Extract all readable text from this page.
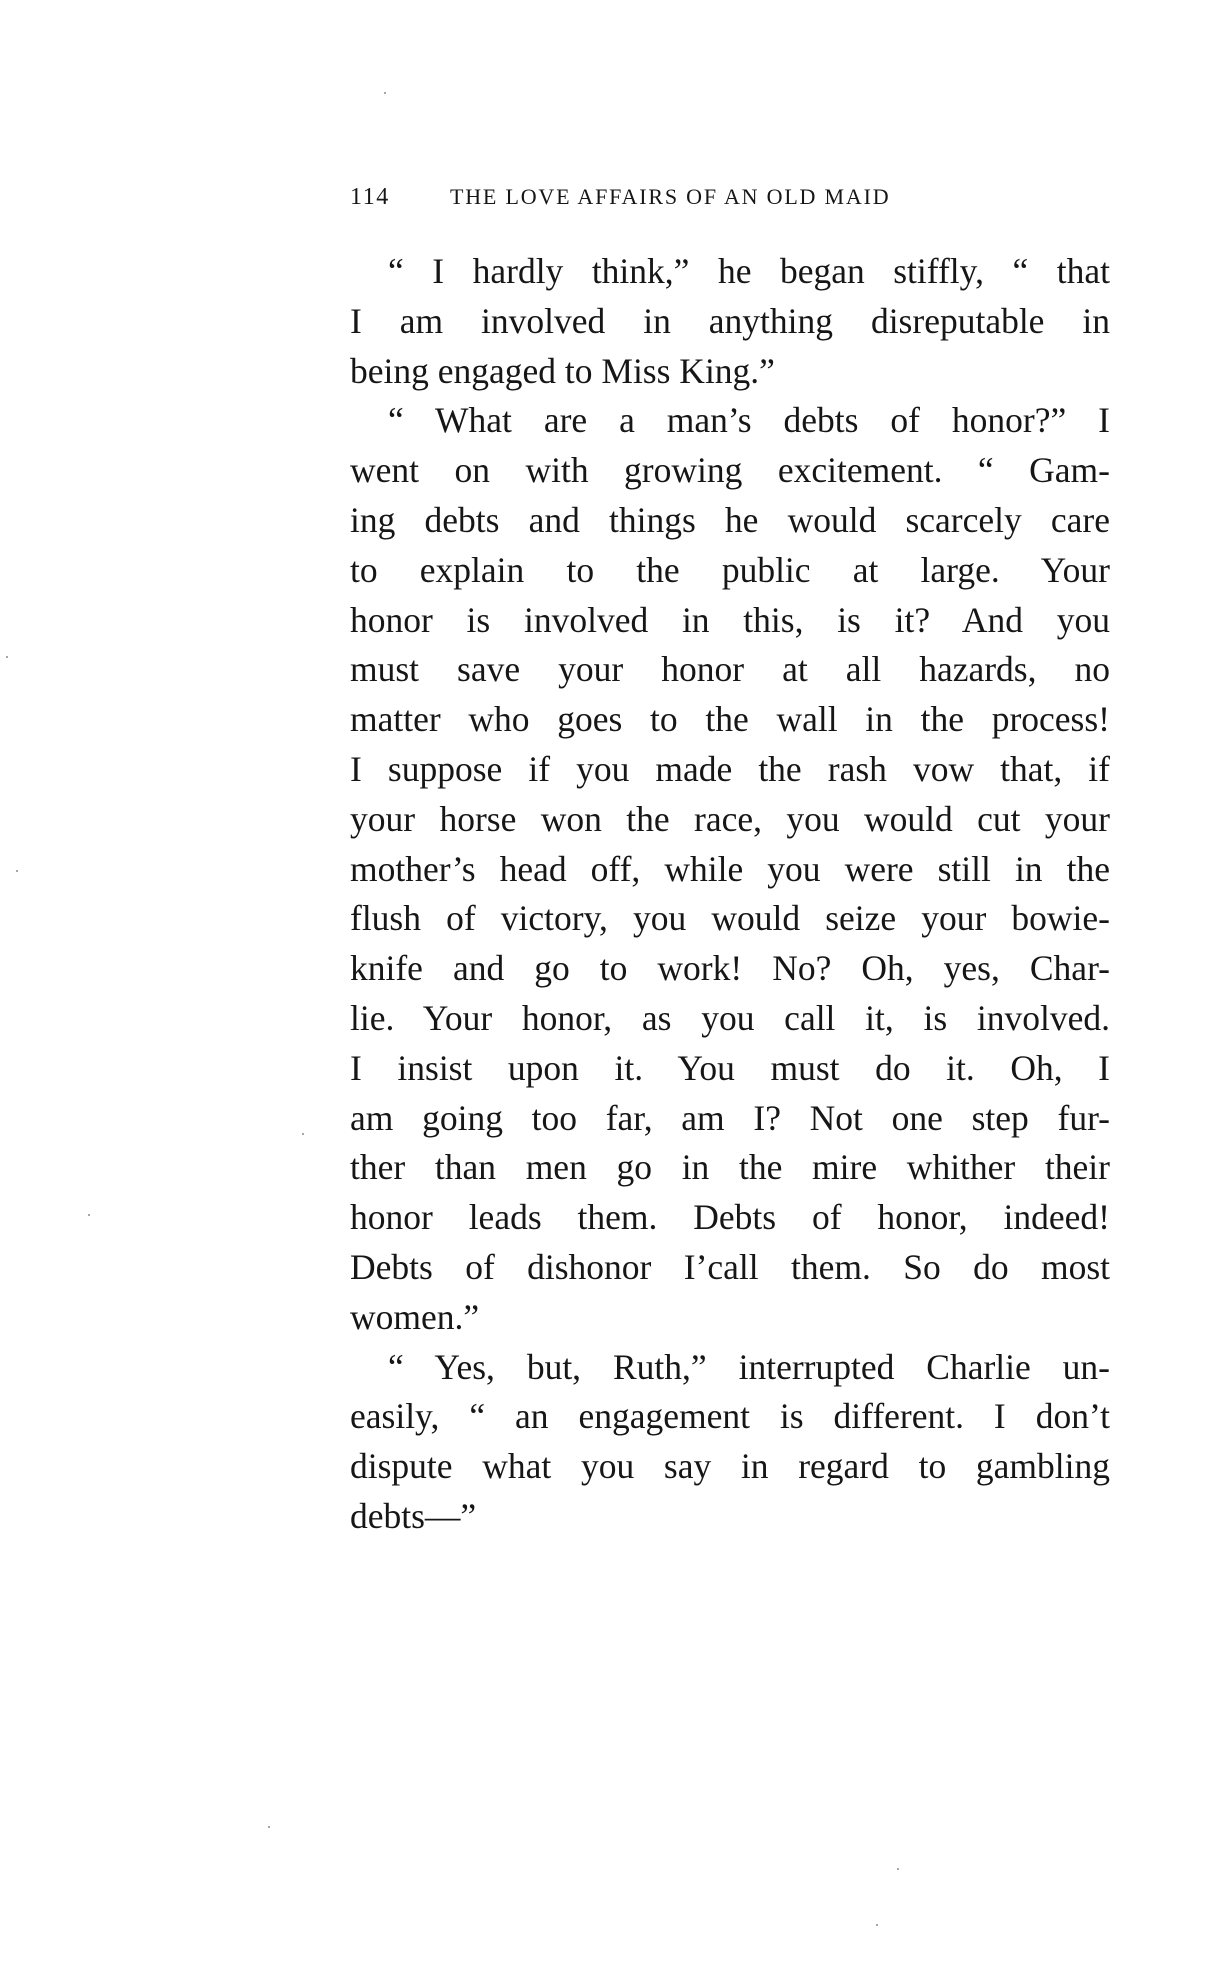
114	THE LOVE AFFAIRS OF AN OLD MAID
“ I hardly think,” he began stiffly, “ that
I am involved in anything disreputable in
being engaged to Miss King.”
“ What are a man’s debts of honor?” I
went on with growing excitement. “ Gam-
ing debts and things he would scarcely care
to explain to the public at large. Your
honor is involved in this, is it? And you
must save your honor at all hazards, no
matter who goes to the wall in the process!
I suppose if you made the rash vow that, if
your horse won the race, you would cut your
mother’s head off, while you were still in the
flush of victory, you would seize your bowie-
knife and go to work! No? Oh, yes, Char-
lie. Your honor, as you call it, is involved.
I insist upon it. You must do it. Oh, I
am going too far, am I? Not one step fur-
ther than men go in the mire whither their
honor leads them. Debts of honor, indeed!
Debts of dishonor I’call them. So do most
women.”
“ Yes, but, Ruth,” interrupted Charlie un-
easily, “ an engagement is different. I don’t
dispute what you say in regard to gambling
debts—”
